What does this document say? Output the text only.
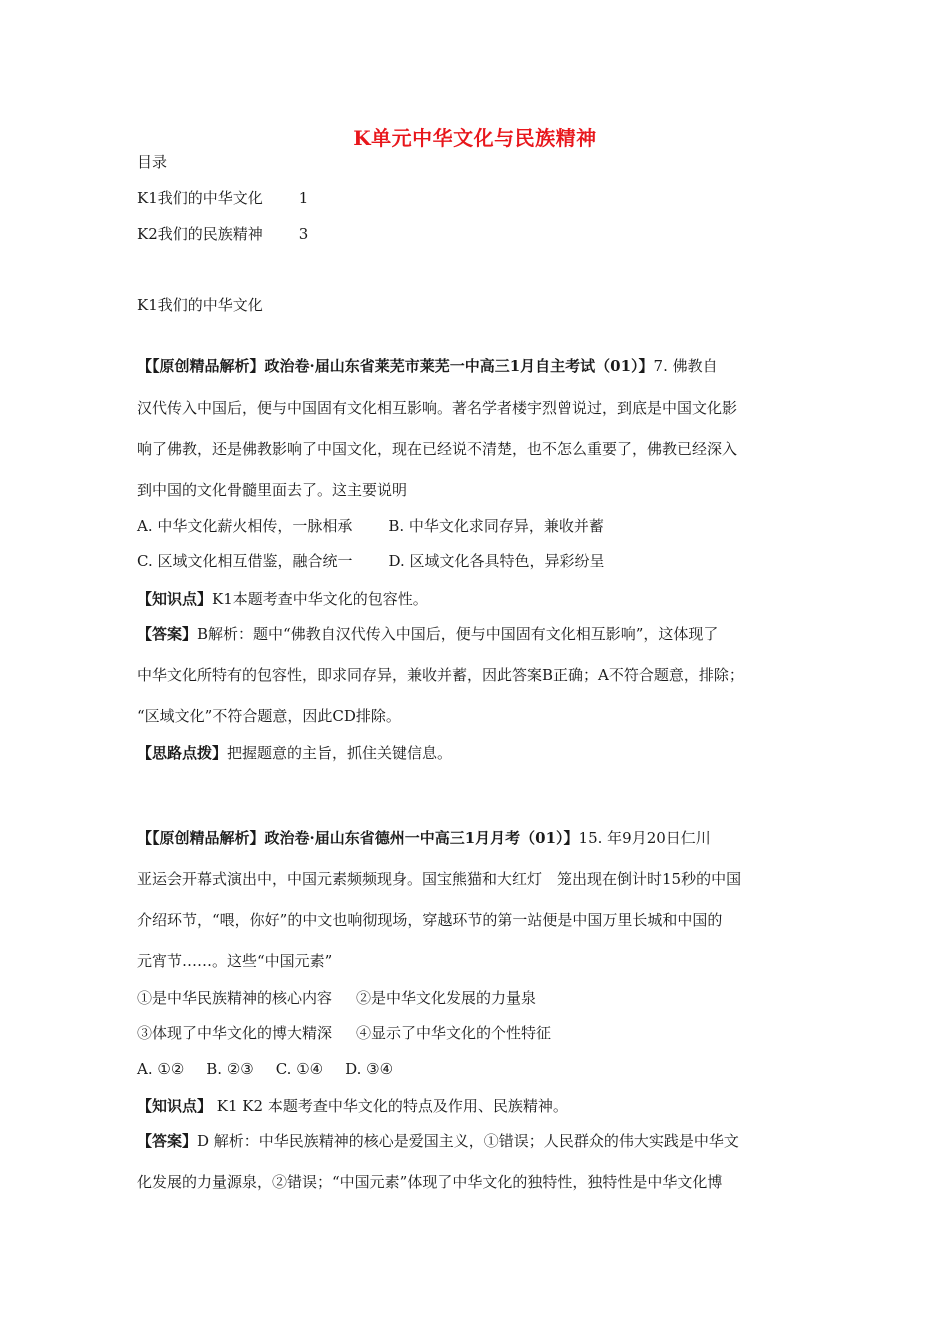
K单元中华文化与民族精神
目录
K1我们的中华文化 1
K2我们的民族精神 3
K1我们的中华文化
【【原创精品解析】政治卷·届山东省莱芜市莱芜一中高三1月自主考试（01）】7. 佛教自
汉代传入中国后，便与中国固有文化相互影响。著名学者楼宇烈曾说过，到底是中国文化影
响了佛教，还是佛教影响了中国文化，现在已经说不清楚，也不怎么重要了，佛教已经深入
到中国的文化骨髓里面去了。这主要说明
A. 中华文化薪火相传，一脉相承 B. 中华文化求同存异，兼收并蓄
C. 区域文化相互借鉴，融合统一 D. 区域文化各具特色，异彩纷呈
【知识点】K1本题考查中华文化的包容性。
【答案】B解析：题中“佛教自汉代传入中国后，便与中国固有文化相互影响”，这体现了
中华文化所特有的包容性，即求同存异，兼收并蓄，因此答案B正确；A不符合题意，排除；
“区域文化”不符合题意，因此CD排除。
【思路点拨】把握题意的主旨，抓住关键信息。
【【原创精品解析】政治卷·届山东省德州一中高三1月月考（01）】15. 年9月20日仁川
亚运会开幕式演出中，中国元素频频现身。国宝熊猫和大红灯　笼出现在倒计时15秒的中国
介绍环节，“喂，你好”的中文也响彻现场，穿越环节的第一站便是中国万里长城和中国的
元宵节……。这些“中国元素”
①是中华民族精神的核心内容 ②是中华文化发展的力量泉
③体现了中华文化的博大精深 ④显示了中华文化的个性特征
A. ①② B. ②③ C. ①④ D. ③④
【知识点】 K1 K2 本题考查中华文化的特点及作用、民族精神。
【答案】D 解析：中华民族精神的核心是爱国主义，①错误；人民群众的伟大实践是中华文
化发展的力量源泉，②错误；“中国元素”体现了中华文化的独特性，独特性是中华文化博
